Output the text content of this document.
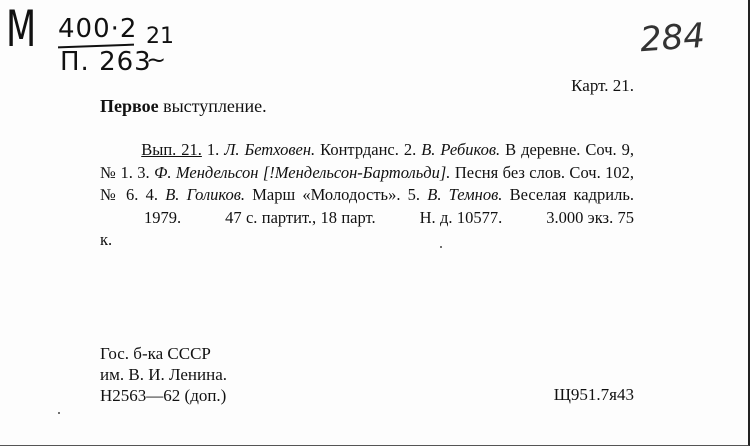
М 400·2
П. 263
21
~	284
Карт. 21.
Первое выступление.
   Вып. 21. 1. Л. Бетховен. Контрданс. 2. В. Ребиков. В деревне. Соч. 9, № 1. 3. Ф. Мендельсон [!Мендельсон-Бартольди]. Песня без слов. Соч. 102, № 6. 4. В. Голиков. Марш «Молодость». 5. В. Темнов. Веселая кадриль.1979.	47 с. партит., 18 парт.	Н. д. 10577.	3.000 экз. 75 к.
Гос. б-ка СССР
им. В. И. Ленина.
Н2563—62 (доп.)	Щ951.7я43
